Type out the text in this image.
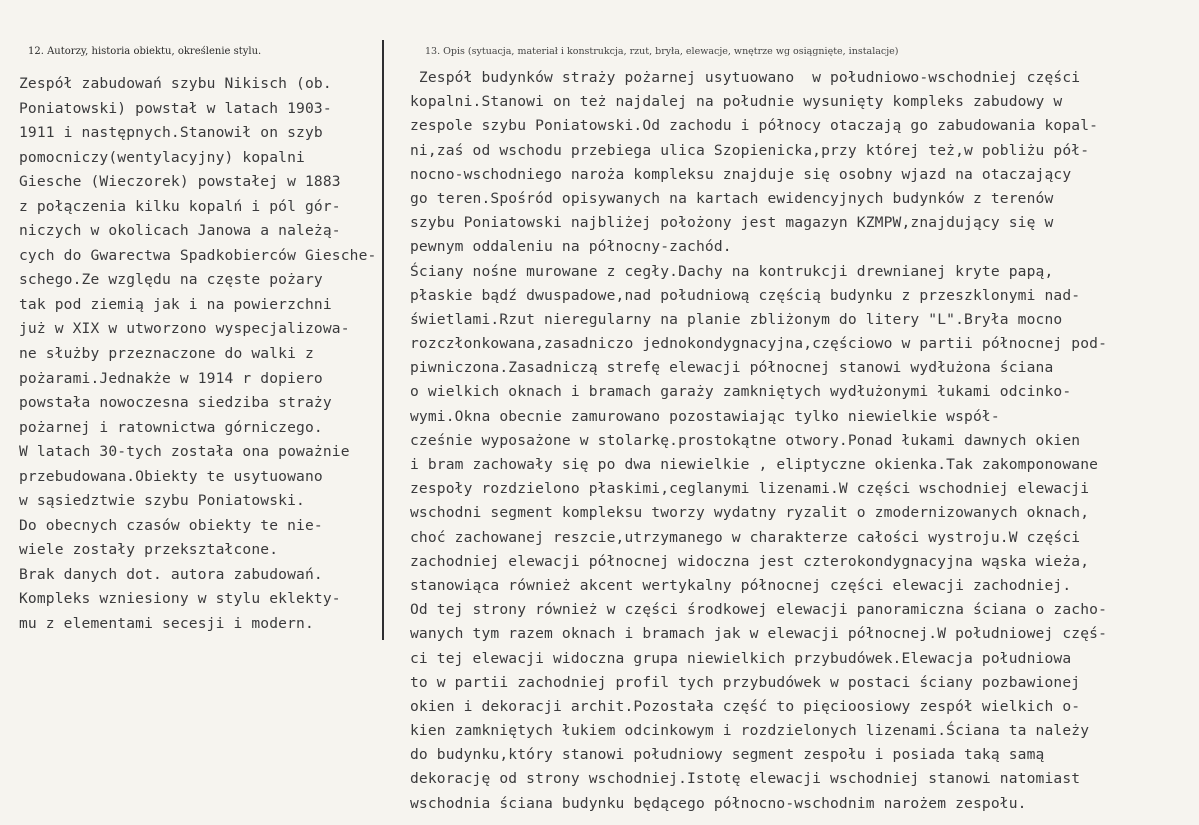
12. Autorzy, historia obiektu, określenie stylu.	13. Opis (sytuacja, materiał i konstrukcja, rzut, bryła, elewacje, wnętrze wg osiągnięte, instalacje)
Zespół zabudowań szybu Nikisch (ob.
Poniatowski) powstał w latach 1903-
1911 i następnych.Stanowił on szyb
pomocniczy(wentylacyjny) kopalni
Giesche (Wieczorek) powstałej w 1883
z połączenia kilku kopalń i pól gór-
niczych w okolicach Janowa a należą-
cych do Gwarectwa Spadkobierców Giesche-
schego.Ze względu na częste pożary
tak pod ziemią jak i na powierzchni
już w XIX w utworzono wyspecjalizowa-
ne służby przeznaczone do walki z
pożarami.Jednakże w 1914 r dopiero
powstała nowoczesna siedziba straży
pożarnej i ratownictwa górniczego.
W latach 30-tych została ona poważnie
przebudowana.Obiekty te usytuowano
w sąsiedztwie szybu Poniatowski.
Do obecnych czasów obiekty te nie-
wiele zostały przekształcone.
Brak danych dot. autora zabudowań.
Kompleks wzniesiony w stylu eklekty-
mu z elementami secesji i modern.
Zespół budynków straży pożarnej usytuowano  w południowo-wschodniej części
kopalni.Stanowi on też najdalej na południe wysunięty kompleks zabudowy w
zespole szybu Poniatowski.Od zachodu i północy otaczają go zabudowania kopal-
ni,zaś od wschodu przebiega ulica Szopienicka,przy której też,w pobliżu pół-
nocno-wschodniego naroża kompleksu znajduje się osobny wjazd na otaczający
go teren.Spośród opisywanych na kartach ewidencyjnych budynków z terenów
szybu Poniatowski najbliżej położony jest magazyn KZMPW,znajdujący się w
pewnym oddaleniu na północny-zachód.
Ściany nośne murowane z cegły.Dachy na kontrukcji drewnianej kryte papą,
płaskie bądź dwuspadowe,nad południową częścią budynku z przeszklonymi nad-
świetlami.Rzut nieregularny na planie zbliżonym do litery "L".Bryła mocno
rozczłonkowana,zasadniczo jednokondygnacyjna,częściowo w partii północnej pod-
piwniczona.Zasadniczą strefę elewacji północnej stanowi wydłużona ściana
o wielkich oknach i bramach garaży zamkniętych wydłużonymi łukami odcinko-
wymi.Okna obecnie zamurowano pozostawiając tylko niewielkie współ-
cześnie wyposażone w stolarkę.prostokątne otwory.Ponad łukami dawnych okien
i bram zachowały się po dwa niewielkie , eliptyczne okienka.Tak zakomponowane
zespoły rozdzielono płaskimi,ceglanymi lizenami.W części wschodniej elewacji
wschodni segment kompleksu tworzy wydatny ryzalit o zmodernizowanych oknach,
choć zachowanej reszcie,utrzymanego w charakterze całości wystroju.W części
zachodniej elewacji północnej widoczna jest czterokondygnacyjna wąska wieża,
stanowiąca również akcent wertykalny północnej części elewacji zachodniej.
Od tej strony również w części środkowej elewacji panoramiczna ściana o zacho-
wanych tym razem oknach i bramach jak w elewacji północnej.W południowej częś-
ci tej elewacji widoczna grupa niewielkich przybudówek.Elewacja południowa
to w partii zachodniej profil tych przybudówek w postaci ściany pozbawionej
okien i dekoracji archit.Pozostała część to pięcioosiowy zespół wielkich o-
kien zamkniętych łukiem odcinkowym i rozdzielonych lizenami.Ściana ta należy
do budynku,który stanowi południowy segment zespołu i posiada taką samą
dekorację od strony wschodniej.Istotę elewacji wschodniej stanowi natomiast
wschodnia ściana budynku będącego północno-wschodnim narożem zespołu.
